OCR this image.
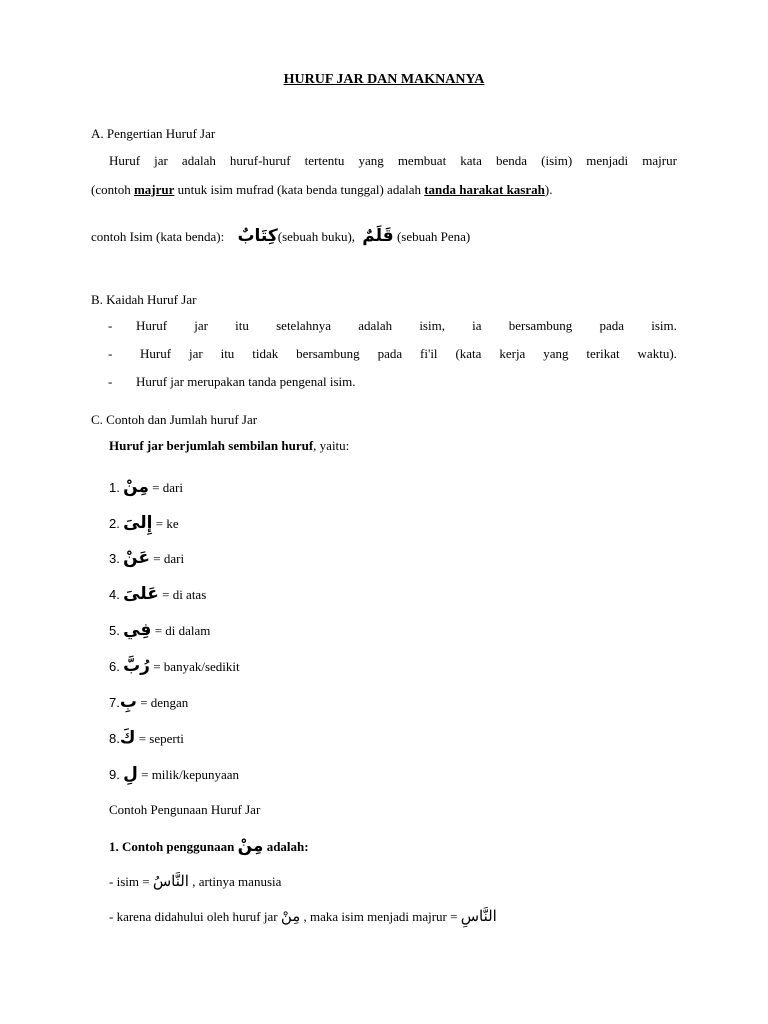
HURUF JAR DAN MAKNANYA
A. Pengertian Huruf Jar
Huruf jar adalah huruf-huruf tertentu yang membuat kata benda (isim) menjadi majrur
(contoh majrur untuk isim mufrad (kata benda tunggal) adalah tanda harakat kasrah).
contoh Isim (kata benda): كِتَابٌ(sebuah buku), قَلَمٌ (sebuah Pena)
B. Kaidah Huruf Jar
- Huruf jar itu setelahnya adalah isim, ia bersambung pada isim.
- Huruf jar itu tidak bersambung pada fi'il (kata kerja yang terikat waktu).
- Huruf jar merupakan tanda pengenal isim.
C. Contoh dan Jumlah huruf Jar
Huruf jar berjumlah sembilan huruf, yaitu:
1. مِنْ = dari
2. إِلىَ = ke
3. عَنْ = dari
4. عَلىَ = di atas
5. فِي = di dalam
6. رُبَّ = banyak/sedikit
7.بِ = dengan
8.كَ = seperti
9. لِ = milik/kepunyaan
Contoh Pengunaan Huruf Jar
1. Contoh penggunaan مِنْ adalah:
- isim = النَّاسُ , artinya manusia
- karena didahului oleh huruf jar مِنْ , maka isim menjadi majrur = النَّاسِ
